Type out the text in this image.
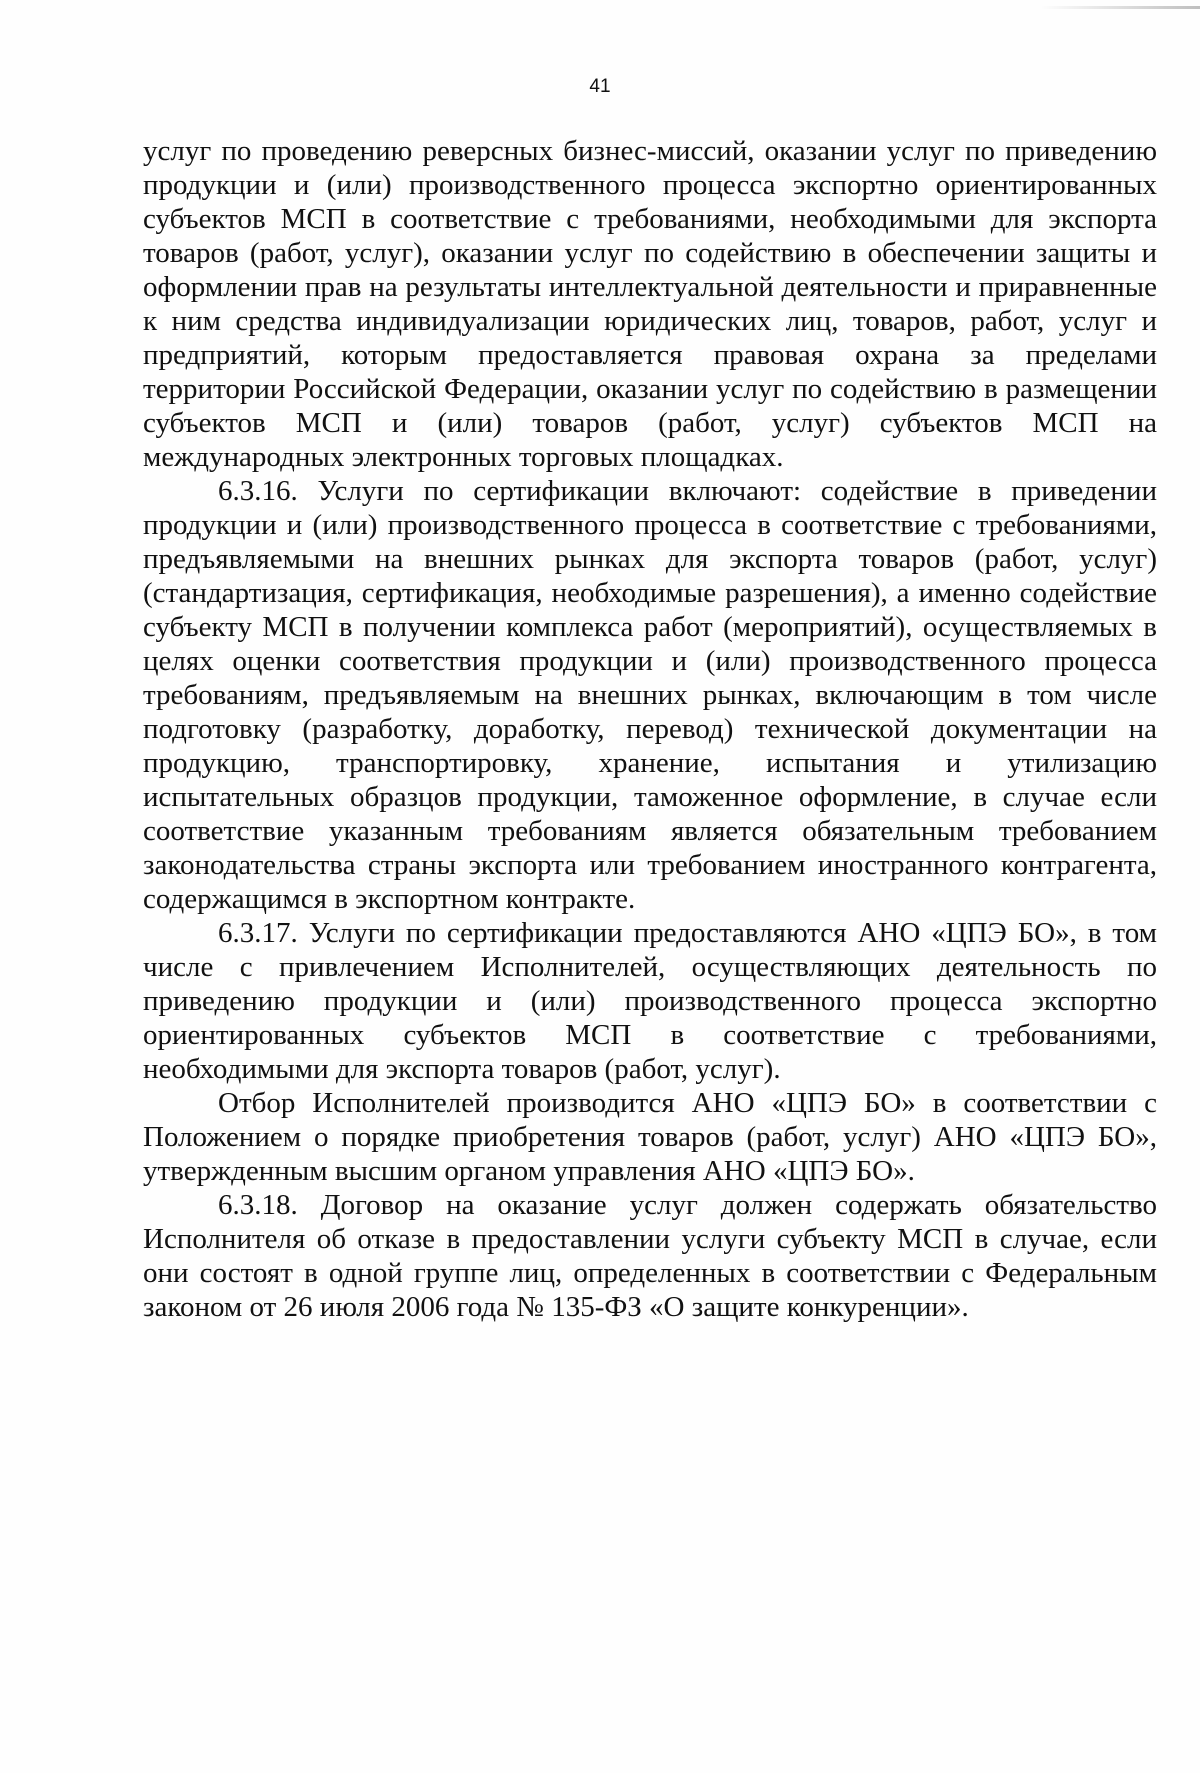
41

услуг по проведению реверсных бизнес-миссий, оказании услуг по приведению продукции и (или) производственного процесса экспортно ориентированных субъектов МСП в соответствие с требованиями, необходимыми для экспорта товаров (работ, услуг), оказании услуг по содействию в обеспечении защиты и оформлении прав на результаты интеллектуальной деятельности и приравненные к ним средства индивидуализации юридических лиц, товаров, работ, услуг и предприятий, которым предоставляется правовая охрана за пределами территории Российской Федерации, оказании услуг по содействию в размещении субъектов МСП и (или) товаров (работ, услуг) субъектов МСП на международных электронных торговых площадках.

6.3.16. Услуги по сертификации включают: содействие в приведении продукции и (или) производственного процесса в соответствие с требованиями, предъявляемыми на внешних рынках для экспорта товаров (работ, услуг) (стандартизация, сертификация, необходимые разрешения), а именно содействие субъекту МСП в получении комплекса работ (мероприятий), осуществляемых в целях оценки соответствия продукции и (или) производственного процесса требованиям, предъявляемым на внешних рынках, включающим в том числе подготовку (разработку, доработку, перевод) технической документации на продукцию, транспортировку, хранение, испытания и утилизацию испытательных образцов продукции, таможенное оформление, в случае если соответствие указанным требованиям является обязательным требованием законодательства страны экспорта или требованием иностранного контрагента, содержащимся в экспортном контракте.

6.3.17. Услуги по сертификации предоставляются АНО «ЦПЭ БО», в том числе с привлечением Исполнителей, осуществляющих деятельность по приведению продукции и (или) производственного процесса экспортно ориентированных субъектов МСП в соответствие с требованиями, необходимыми для экспорта товаров (работ, услуг).

Отбор Исполнителей производится АНО «ЦПЭ БО» в соответствии с Положением о порядке приобретения товаров (работ, услуг) АНО «ЦПЭ БО», утвержденным высшим органом управления АНО «ЦПЭ БО».

6.3.18. Договор на оказание услуг должен содержать обязательство Исполнителя об отказе в предоставлении услуги субъекту МСП в случае, если они состоят в одной группе лиц, определенных в соответствии с Федеральным законом от 26 июля 2006 года № 135-ФЗ «О защите конкуренции».
